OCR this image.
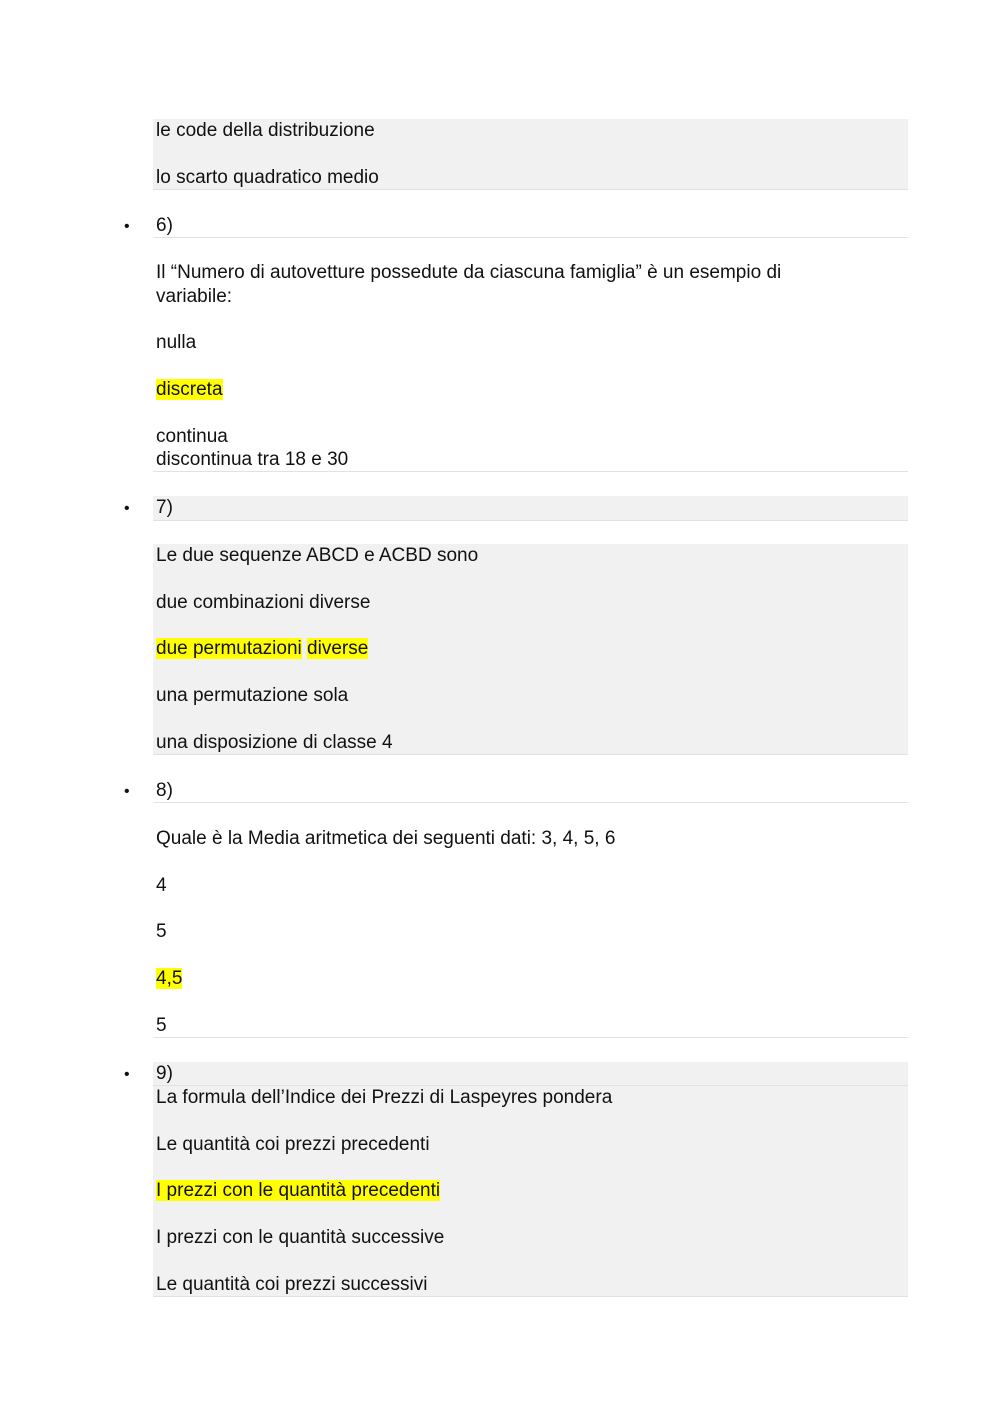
le code della distribuzione
lo scarto quadratico medio
• 6)
Il “Numero di autovetture possedute da ciascuna famiglia” è un esempio di
variabile:
nulla
discreta
continua
discontinua tra 18 e 30
• 7)
Le due sequenze ABCD e ACBD sono
due combinazioni diverse
due permutazioni diverse
una permutazione sola
una disposizione di classe 4
• 8)
Quale è la Media aritmetica dei seguenti dati: 3, 4, 5, 6
4
5
4,5
5
• 9)
La formula dell’Indice dei Prezzi di Laspeyres pondera
Le quantità coi prezzi precedenti
I prezzi con le quantità precedenti
I prezzi con le quantità successive
Le quantità coi prezzi successivi
